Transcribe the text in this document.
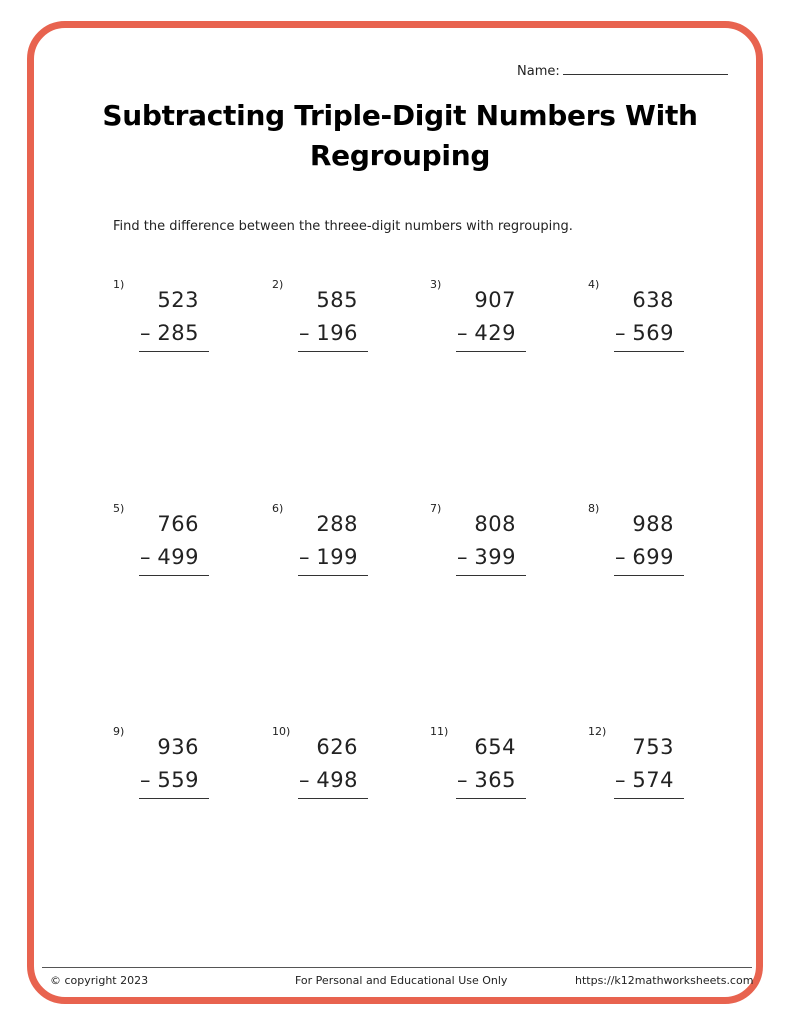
Name:
Subtracting Triple-Digit Numbers With Regrouping
Find the difference between the threee-digit numbers with regrouping.
1)
523
– 285
2)
585
– 196
3)
907
– 429
4)
638
– 569
5)
766
– 499
6)
288
– 199
7)
808
– 399
8)
988
– 699
9)
936
– 559
10)
626
– 498
11)
654
– 365
12)
753
– 574
© copyright 2023	For Personal and Educational Use Only	https://k12mathworksheets.com
